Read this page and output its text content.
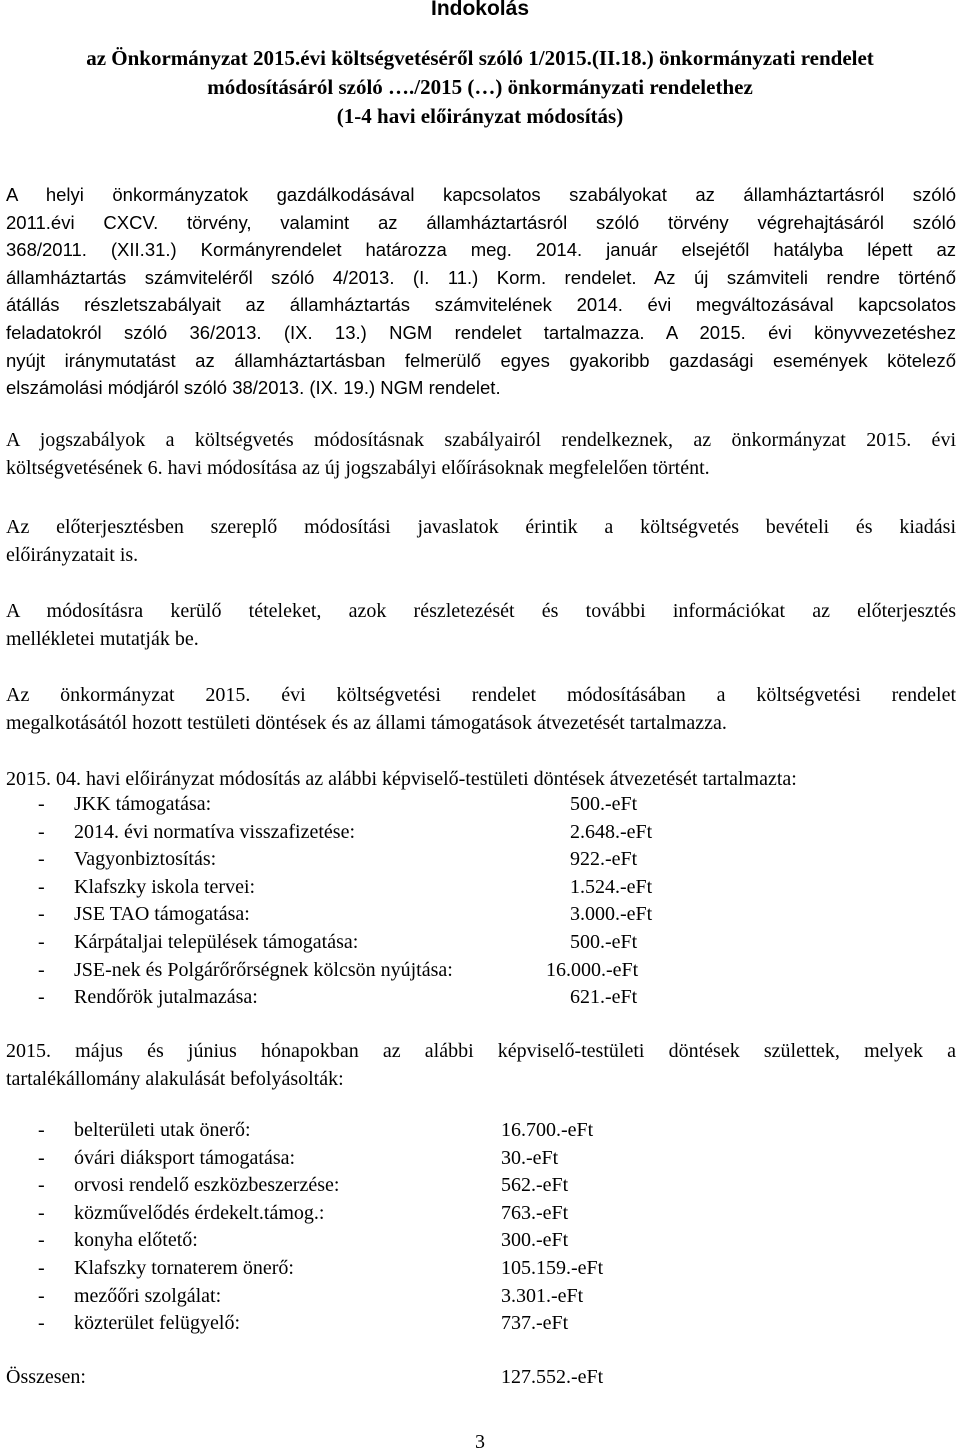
Indokolás
az Önkormányzat 2015.évi költségvetéséről szóló 1/2015.(II.18.) önkormányzati rendelet
módosításáról szóló …./2015 (…) önkormányzati rendelethez
(1-4 havi előirányzat módosítás)
A helyi önkormányzatok gazdálkodásával kapcsolatos szabályokat az államháztartásról szóló
2011.évi CXCV. törvény, valamint az államháztartásról szóló törvény végrehajtásáról szóló
368/2011. (XII.31.) Kormányrendelet határozza meg. 2014. január elsejétől hatályba lépett az
államháztartás számviteléről szóló 4/2013. (I. 11.) Korm. rendelet. Az új számviteli rendre történő
átállás részletszabályait az államháztartás számvitelének 2014. évi megváltozásával kapcsolatos
feladatokról szóló 36/2013. (IX. 13.) NGM rendelet tartalmazza. A 2015. évi könyvvezetéshez
nyújt iránymutatást az államháztartásban felmerülő egyes gyakoribb gazdasági események kötelező
elszámolási módjáról szóló 38/2013. (IX. 19.) NGM rendelet.
A jogszabályok a költségvetés módosításnak szabályairól rendelkeznek, az önkormányzat 2015. évi
költségvetésének 6. havi módosítása az új jogszabályi előírásoknak megfelelően történt.
Az előterjesztésben szereplő módosítási javaslatok érintik a költségvetés bevételi és kiadási
előirányzatait is.
A módosításra kerülő tételeket, azok részletezését és további információkat az előterjesztés
mellékletei mutatják be.
Az önkormányzat 2015. évi költségvetési rendelet módosításában a költségvetési rendelet
megalkotásától hozott testületi döntések és az állami támogatások átvezetését tartalmazza.
2015. 04. havi előirányzat módosítás az alábbi képviselő-testületi döntések átvezetését tartalmazta:
- JKK támogatása:	500.-eFt
- 2014. évi normatíva visszafizetése:	2.648.-eFt
- Vagyonbiztosítás:	922.-eFt
- Klafszky iskola tervei:	1.524.-eFt
- JSE TAO támogatása:	3.000.-eFt
- Kárpátaljai települések támogatása:	500.-eFt
- JSE-nek és Polgárőrőrségnek kölcsön nyújtása:	16.000.-eFt
- Rendőrök jutalmazása:	621.-eFt
2015. május és június hónapokban az alábbi képviselő-testületi döntések születtek, melyek a
tartalékállomány alakulását befolyásolták:
- belterületi utak önerő:	16.700.-eFt
- óvári diáksport támogatása:	30.-eFt
- orvosi rendelő eszközbeszerzése:	562.-eFt
- közművelődés érdekelt.támog.:	763.-eFt
- konyha előtető:	300.-eFt
- Klafszky tornaterem önerő:	105.159.-eFt
- mezőőri szolgálat:	3.301.-eFt
- közterület felügyelő:	737.-eFt
Összesen:	127.552.-eFt
3
